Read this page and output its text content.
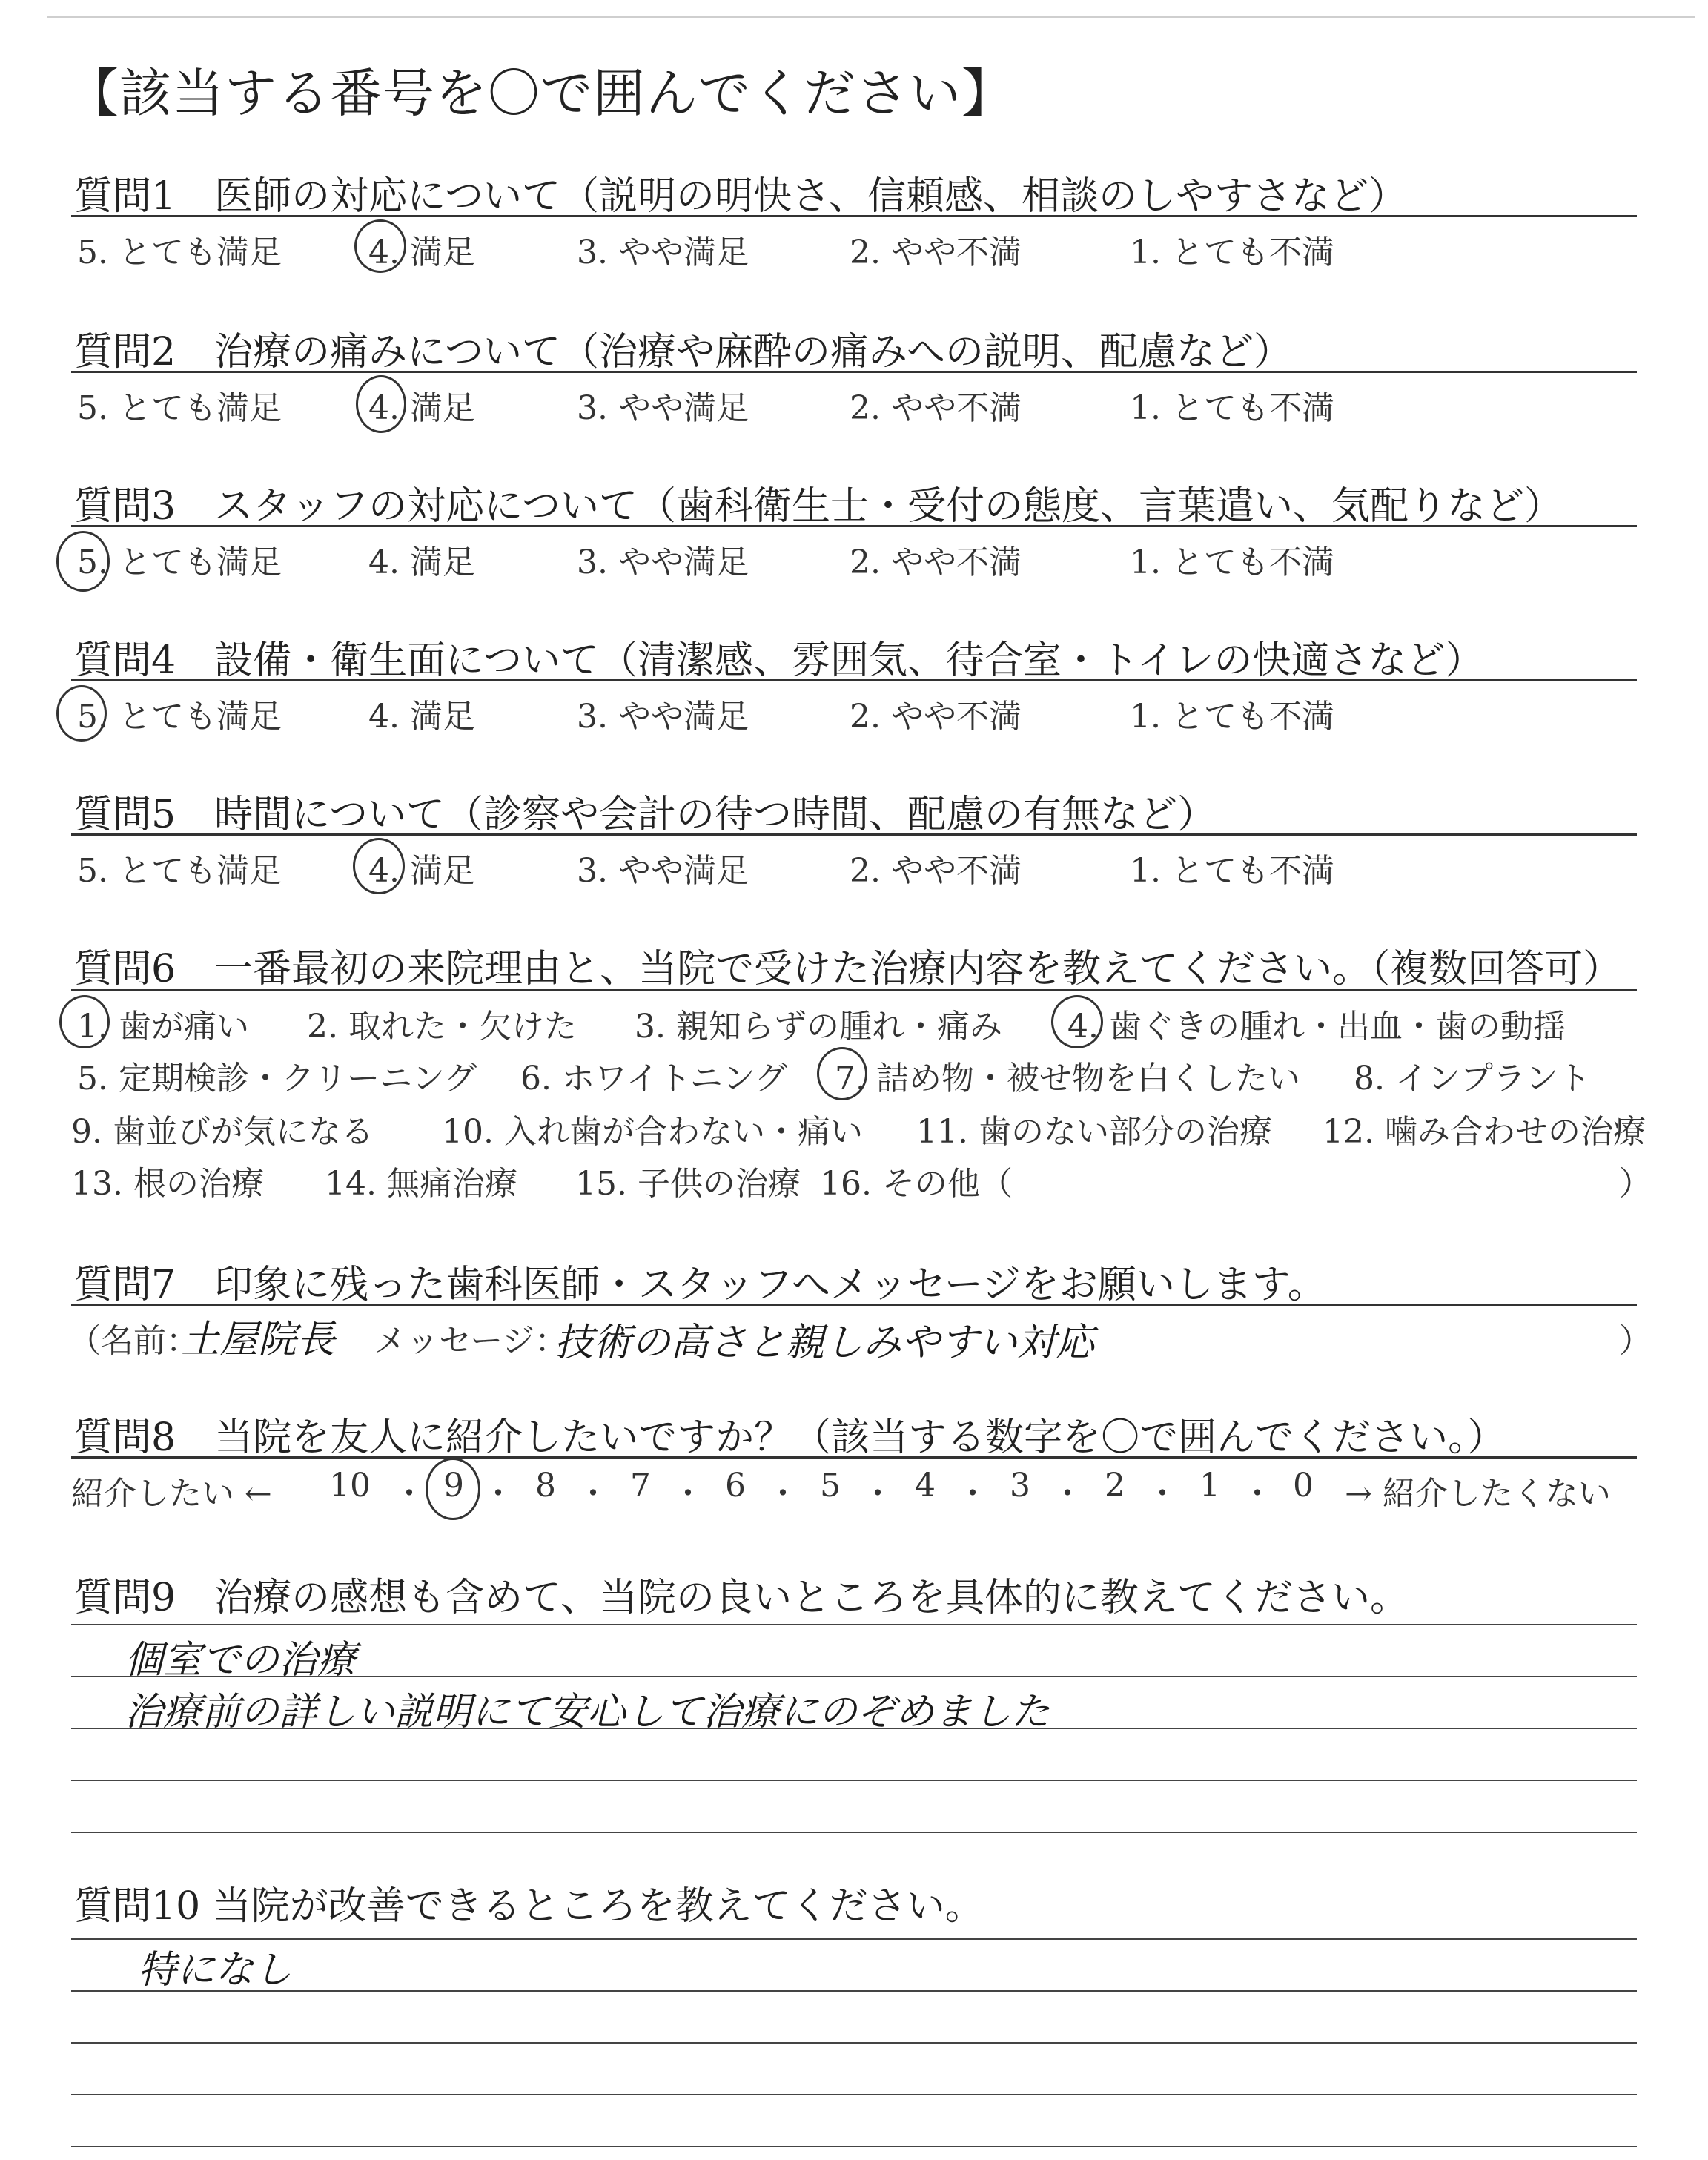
【該当する番号を〇で囲んでください】
質問1　医師の対応について（説明の明快さ、信頼感、相談のしやすさなど）
5. とても満足	4. 満足	3. やや満足	2. やや不満	1. とても不満
質問2　治療の痛みについて（治療や麻酔の痛みへの説明、配慮など）
5. とても満足	4. 満足	3. やや満足	2. やや不満	1. とても不満
質問3　スタッフの対応について（歯科衛生士・受付の態度、言葉遣い、気配りなど）
5. とても満足	4. 満足	3. やや満足	2. やや不満	1. とても不満
質問4　設備・衛生面について（清潔感、雰囲気、待合室・トイレの快適さなど）
5. とても満足	4. 満足	3. やや満足	2. やや不満	1. とても不満
質問5　時間について（診察や会計の待つ時間、配慮の有無など）
5. とても満足	4. 満足	3. やや満足	2. やや不満	1. とても不満
質問6　一番最初の来院理由と、当院で受けた治療内容を教えてください。（複数回答可）
1. 歯が痛い 2. 取れた・欠けた 3. 親知らずの腫れ・痛み 4. 歯ぐきの腫れ・出血・歯の動揺
5. 定期検診・クリーニング 6. ホワイトニング 7. 詰め物・被せ物を白くしたい 8. インプラント
9. 歯並びが気になる 10. 入れ歯が合わない・痛い 11. 歯のない部分の治療 12. 噛み合わせの治療
13. 根の治療 14. 無痛治療 15. 子供の治療 16. その他（	）
質問7　印象に残った歯科医師・スタッフへメッセージをお願いします。
（名前：
土屋院長 メッセージ：
技術の高さと親しみやすい対応	）
質問8　当院を友人に紹介したいですか？（該当する数字を〇で囲んでください。）
紹介したい ← 10 ・ 9 ・ 8 ・ 7 ・ 6 ・ 5 ・ 4 ・ 3 ・ 2 ・ 1 ・ 0 → 紹介したくない
質問9　治療の感想も含めて、当院の良いところを具体的に教えてください。
個室での治療
治療前の詳しい説明にて安心して治療にのぞめました
質問10 当院が改善できるところを教えてください。
特になし
